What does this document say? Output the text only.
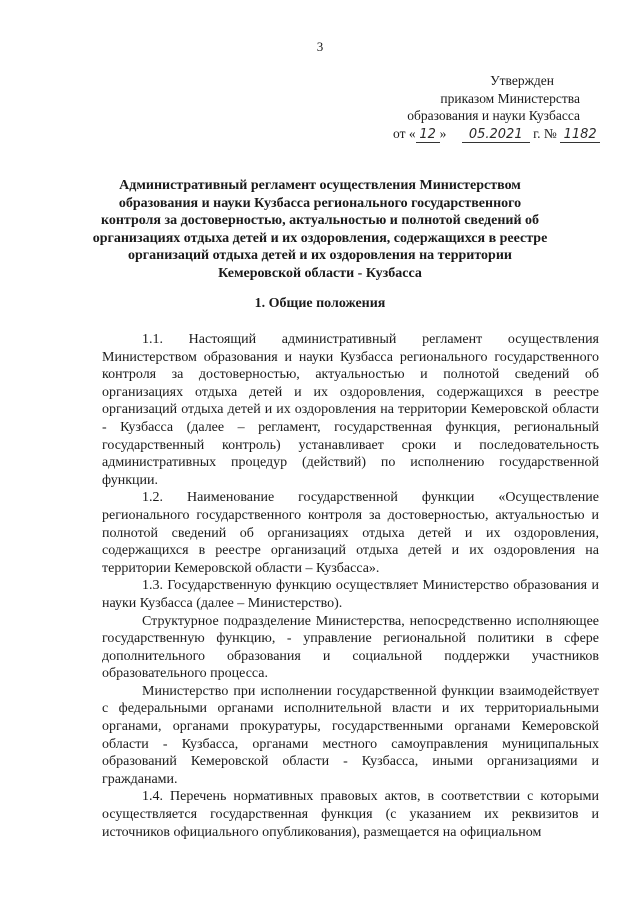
3
Утвержден
приказом Министерства
образования и науки Кузбасса
от « 12 » 05.2021 г. № 1182
Административный регламент осуществления Министерством образования и науки Кузбасса регионального государственного контроля за достоверностью, актуальностью и полнотой сведений об организациях отдыха детей и их оздоровления, содержащихся в реестре организаций отдыха детей и их оздоровления на территории Кемеровской области - Кузбасса
1. Общие положения

1.1. Настоящий административный регламент осуществления Министерством образования и науки Кузбасса регионального государственного контроля за достоверностью, актуальностью и полнотой сведений об организациях отдыха детей и их оздоровления, содержащихся в реестре организаций отдыха детей и их оздоровления на территории Кемеровской области - Кузбасса (далее – регламент, государственная функция, региональный государственный контроль) устанавливает сроки и последовательность административных процедур (действий) по исполнению государственной функции.

1.2. Наименование государственной функции «Осуществление регионального государственного контроля за достоверностью, актуальностью и полнотой сведений об организациях отдыха детей и их оздоровления, содержащихся в реестре организаций отдыха детей и их оздоровления на территории Кемеровской области – Кузбасса».

1.3. Государственную функцию осуществляет Министерство образования и науки Кузбасса (далее – Министерство).

Структурное подразделение Министерства, непосредственно исполняющее государственную функцию, - управление региональной политики в сфере дополнительного образования и социальной поддержки участников образовательного процесса.

Министерство при исполнении государственной функции взаимодействует с федеральными органами исполнительной власти и их территориальными органами, органами прокуратуры, государственными органами Кемеровской области - Кузбасса, органами местного самоуправления муниципальных образований Кемеровской области - Кузбасса, иными организациями и гражданами.

1.4. Перечень нормативных правовых актов, в соответствии с которыми осуществляется государственная функция (с указанием их реквизитов и источников официального опубликования), размещается на официальном
